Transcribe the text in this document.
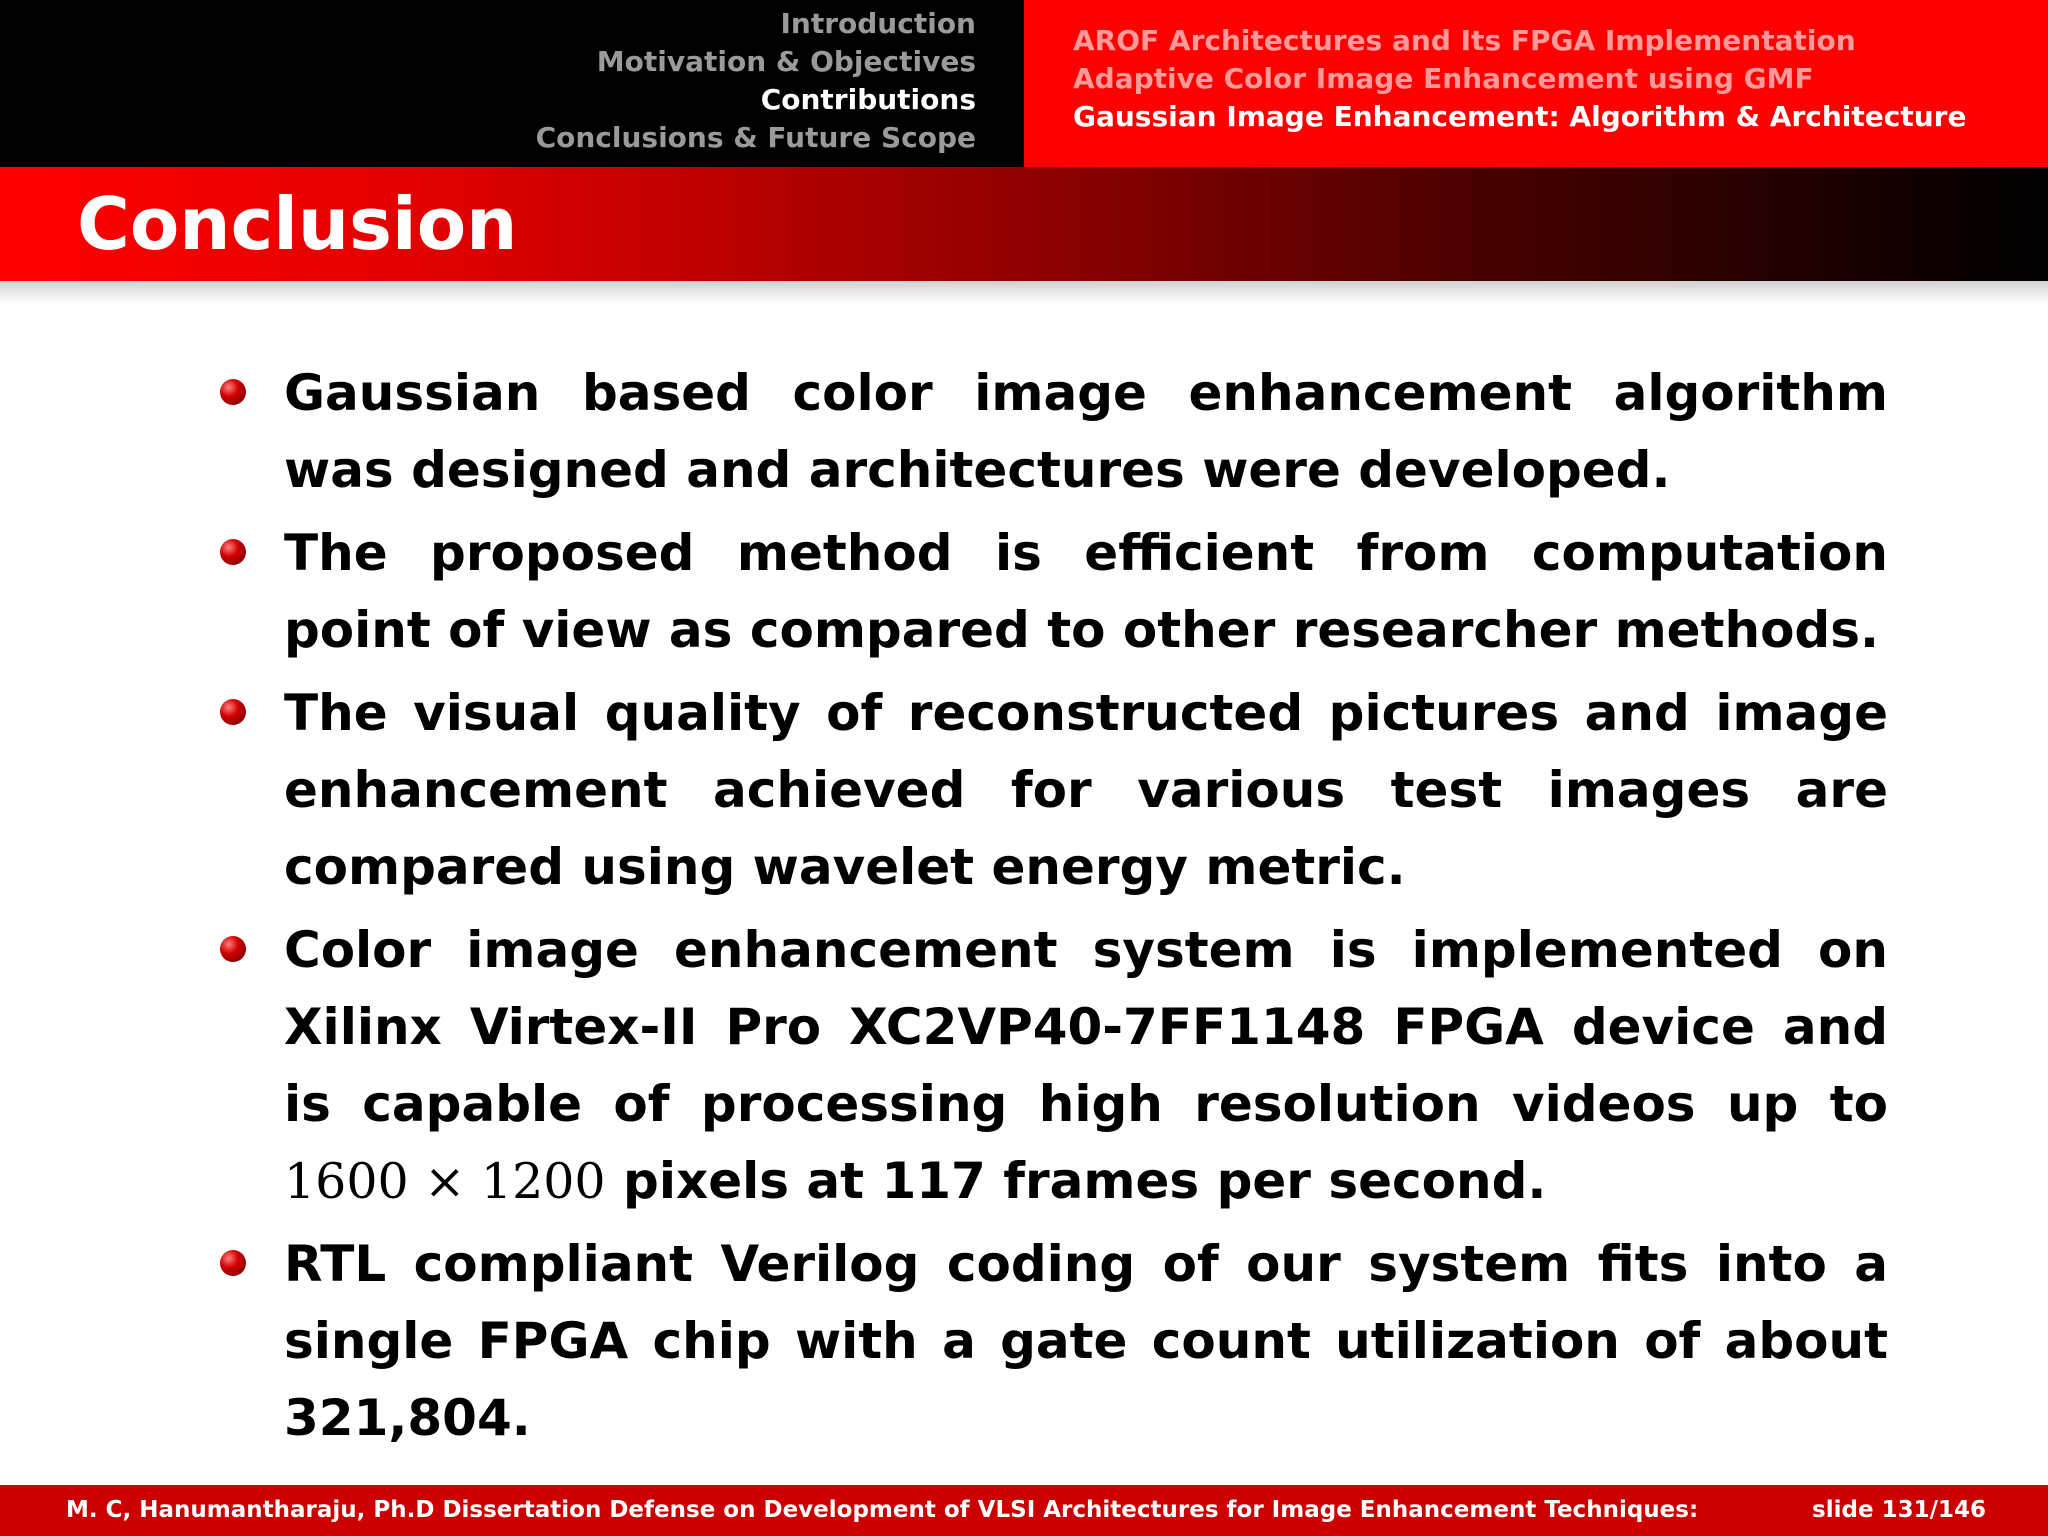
Introduction
Motivation & Objectives
Contributions
Conclusions & Future Scope
AROF Architectures and Its FPGA Implementation
Adaptive Color Image Enhancement using GMF
Gaussian Image Enhancement: Algorithm & Architecture
Conclusion
Gaussian based color image enhancement algorithm was designed and architectures were developed.
The proposed method is efficient from computation point of view as compared to other researcher methods.
The visual quality of reconstructed pictures and image enhancement achieved for various test images are compared using wavelet energy metric.
Color image enhancement system is implemented on Xilinx Virtex-II Pro XC2VP40-7FF1148 FPGA device and is capable of processing high resolution videos up to 1600 × 1200 pixels at 117 frames per second.
RTL compliant Verilog coding of our system fits into a single FPGA chip with a gate count utilization of about 321,804.
M. C, Hanumantharaju, Ph.D Dissertation Defense on Development of VLSI Architectures for Image Enhancement Techniques:	slide 131/146
